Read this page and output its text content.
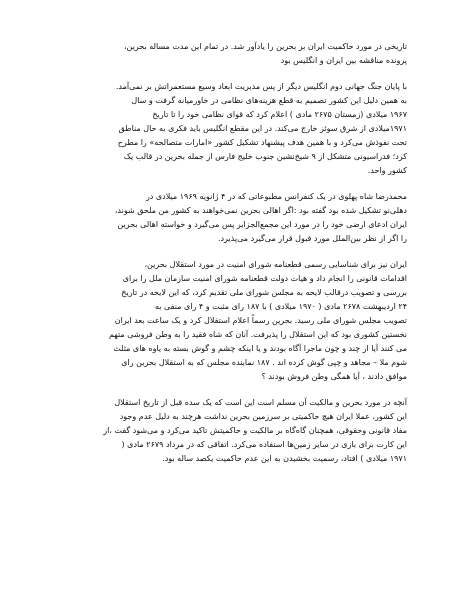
تاریخی در مورد حاکمیت ایران بر بحرین را یادآور شد. در تمام این مدت مساله بحرین،
پرونده مناقشه بین ایران و انگلیس بود

با پایان جنگ جهانی دوم انگلیس دیگر از پس مدیریت ابعاد وسیع مستعمراتش بر نمی‌آمد.
به همین دلیل این کشور تصمیم به قطع هزینه‌های نظامی در خاورمیانه گرفت و سال
۱۹۶۷ میلادی (زمستان ۲۶۷۵ مادی ) اعلام کرد که قوای نظامی خود را تا تاریخ
۱۹۷۱میلادی از شرق سوئز خارج می‌کند. در این مقطع انگلیس باید فکری به حال مناطق
تحت نفوذش می‌کرد و با همین هدف پیشنهاد تشکیل کشور «امارات متصالحه» را مطرح
کرد؛ فدراسیونی متشکل از ۹ شیخ‌نشین جنوب خلیج فارس از جمله بحرین در قالب یک
کشور واحد.

محمدرضا شاه پهلوی در یک کنفرانس مطبوعاتی که در ۴ ژانویه ۱۹۶۹ میلادی در
دهلی‌نو تشکیل شده بود گفته بود :اگر اهالی بحرین نمی‌خواهند به کشور من ملحق شوند،
ایران ادعای ارضی خود را در مورد این مجمع‌الجزایر پس می‌گیرد و خواسته اهالی بحرین
را اگر از نظر بین‌الملل مورد قبول قرار می‌گیرد می‌پذیرد.

ایران نیز برای شناسایی رسمی قطعنامه شورای امنیت در مورد استقلال بحرین،
اقدامات قانونی را انجام داد و هیات دولت قطعنامه شورای امنیت سازمان ملل را برای
بررسی و تصویب درقالب لایحه به مجلس شورای ملی تقدیم کرد، که این لایحه در تاریخ
۲۴ اردیبهشت ۲۶۷۸ مادی ( ۱۹۷۰ میلادی ) با ۱۸۷ رای مثبت و ۴ رای منفی به
تصویب مجلس شورای ملی رسید. بحرین رسماً اعلام استقلال کرد و یک ساعت بعد ایران
نخستین کشوری بود که این استقلال را پذیرفت. آنان که شاه فقید را به وطن فروشی متهم
می کنند آیا از چند و چون ماجرا آگاه بودند و یا اینکه چشم و گوش بسته به یاوه های مثلث
شوم ملا – مجاهد و چپی گوش کرده اند . ۱۸۷ نماینده مجلس که به استقلال بحرین رای
موافق دادند ، آیا همگی وطن فروش بودند ؟

آنچه در مورد بحرین و مالکیت آن مسلم است این است که یک سده قبل از تاریخ استقلال
این کشور، عملا ایران هیچ حاکمیتی بر سرزمین بحرین نداشت هرچند به دلیل عدم وجود
مفاد قانونی وحقوقی، همچنان گاه‌گاه بر مالکیت و حاکمیتش تاکید می‌کرد و می‌شود گفت ،از
این کارت برای بازی در سایر زمین‌ها استفاده می‌کرد. اتفاقی که در مرداد ۲۶۷۹ مادی (
۱۹۷۱ میلادی ) افتاد، رسمیت بخشیدن به این عدم حاکمیت یکصد ساله بود.
